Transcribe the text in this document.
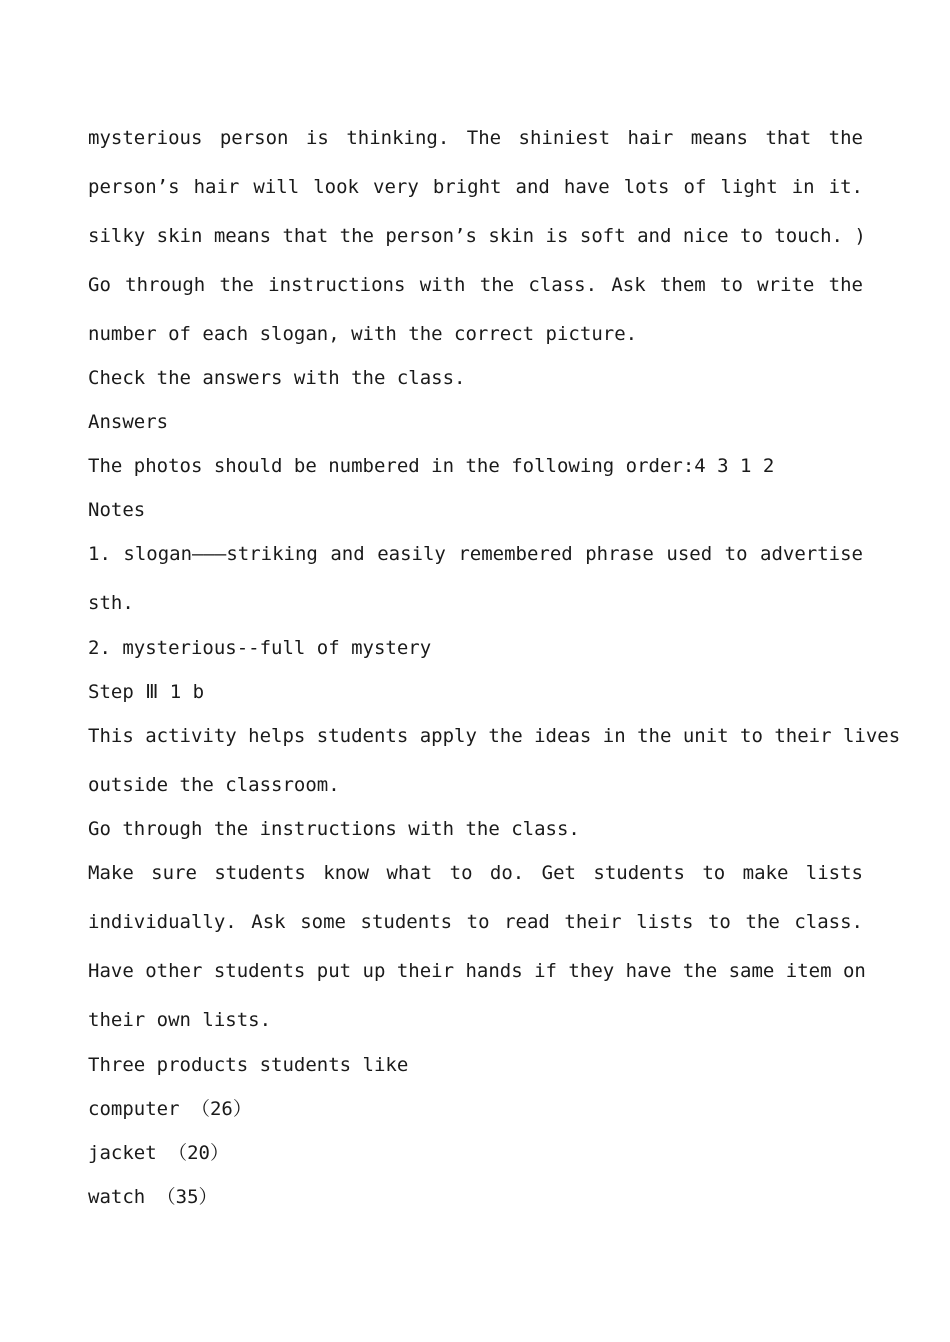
mysterious person is thinking. The shiniest hair means that the
person’s hair will look very bright and have lots of light in it.
silky skin means that the person’s skin is soft and nice to touch. )
Go through the instructions with the class. Ask them to write the
number of each slogan, with the correct picture.
Check the answers with the class.
Answers
The photos should be numbered in the following order:4 3 1 2
Notes
1. slogan———striking and easily remembered phrase used to advertise
sth.
2. mysterious--full of mystery
Step Ⅲ 1 b
This activity helps students apply the ideas in the unit to their lives
outside the classroom.
Go through the instructions with the class.
Make sure students know what to do. Get students to make lists
individually. Ask some students to read their lists to the class.
Have other students put up their hands if they have the same item on
their own lists.
Three products students like
computer （26）
jacket （20）
watch （35）
